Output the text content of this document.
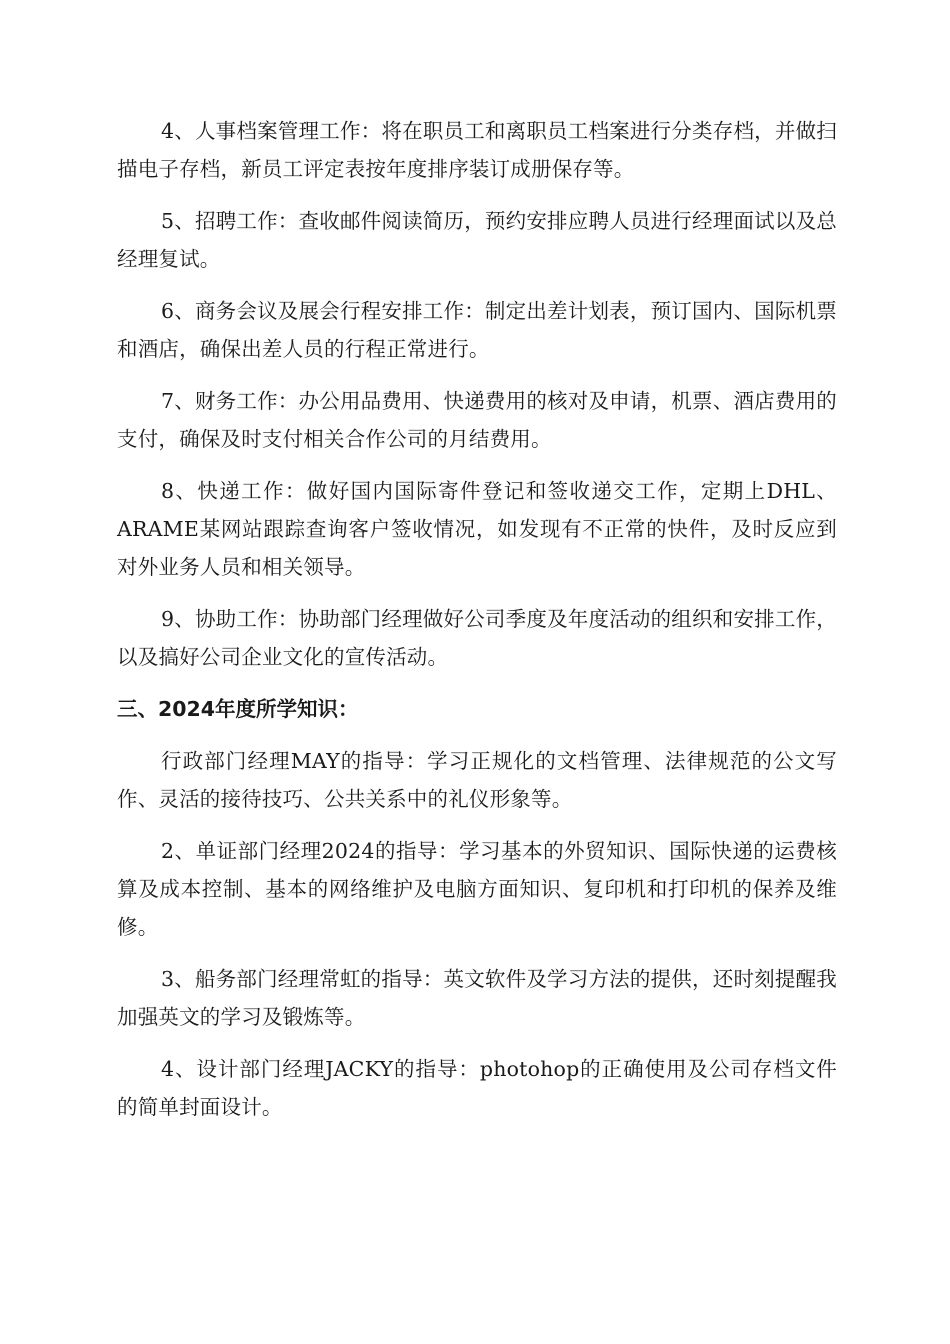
4、人事档案管理工作：将在职员工和离职员工档案进行分类存档，并做扫描电子存档，新员工评定表按年度排序装订成册保存等。

5、招聘工作：查收邮件阅读简历，预约安排应聘人员进行经理面试以及总经理复试。

6、商务会议及展会行程安排工作：制定出差计划表，预订国内、国际机票和酒店，确保出差人员的行程正常进行。

7、财务工作：办公用品费用、快递费用的核对及申请，机票、酒店费用的支付，确保及时支付相关合作公司的月结费用。

8、快递工作：做好国内国际寄件登记和签收递交工作，定期上DHL、ARAME某网站跟踪查询客户签收情况，如发现有不正常的快件，及时反应到对外业务人员和相关领导。

9、协助工作：协助部门经理做好公司季度及年度活动的组织和安排工作，以及搞好公司企业文化的宣传活动。

三、2024年度所学知识：

行政部门经理MAY的指导：学习正规化的文档管理、法律规范的公文写作、灵活的接待技巧、公共关系中的礼仪形象等。

2、单证部门经理2024的指导：学习基本的外贸知识、国际快递的运费核算及成本控制、基本的网络维护及电脑方面知识、复印机和打印机的保养及维修。

3、船务部门经理常虹的指导：英文软件及学习方法的提供，还时刻提醒我加强英文的学习及锻炼等。

4、设计部门经理JACKY的指导：photohop的正确使用及公司存档文件的简单封面设计。
